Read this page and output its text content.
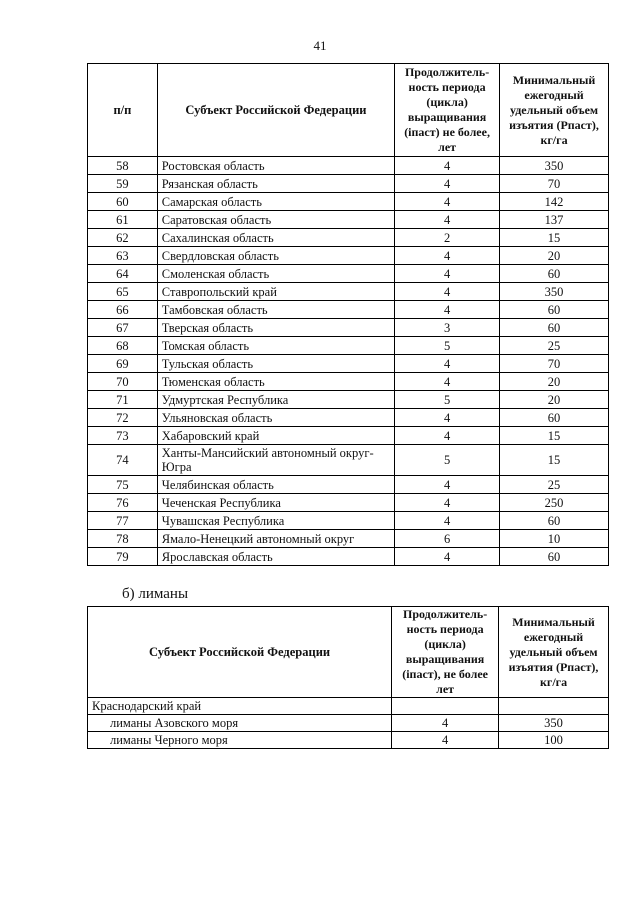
41
п/п	Субъект Российской Федерации	Продолжитель-ность периода (цикла) выращивания (iпаст) не более, лет	Минимальный ежегодный удельный объем изъятия (Pпаст), кг/га
58	Ростовская область	4	350
59	Рязанская область	4	70
60	Самарская область	4	142
61	Саратовская область	4	137
62	Сахалинская область	2	15
63	Свердловская область	4	20
64	Смоленская область	4	60
65	Ставропольский край	4	350
66	Тамбовская область	4	60
67	Тверская область	3	60
68	Томская область	5	25
69	Тульская область	4	70
70	Тюменская область	4	20
71	Удмуртская Республика	5	20
72	Ульяновская область	4	60
73	Хабаровский край	4	15
74	Ханты-Мансийский автономный округ-Югра	5	15
75	Челябинская область	4	25
76	Чеченская Республика	4	250
77	Чувашская Республика	4	60
78	Ямало-Ненецкий автономный округ	6	10
79	Ярославская область	4	60
б) лиманы
Субъект Российской Федерации	Продолжитель-ность периода (цикла) выращивания (iпаст), не более лет	Минимальный ежегодный удельный объем изъятия (Pпаст), кг/га
Краснодарский край		
лиманы Азовского моря	4	350
лиманы Черного моря	4	100
